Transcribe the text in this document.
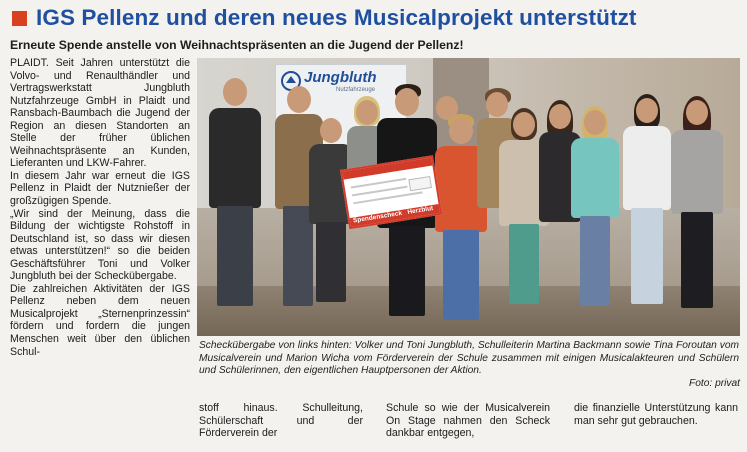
IGS Pellenz und deren neues Musicalprojekt unterstützt

Erneute Spende anstelle von Weihnachtspräsenten an die Jugend der Pellenz!

PLAIDT. Seit Jahren unterstützt die Volvo- und Renaulthändler und Vertragswerkstatt Jungbluth Nutzfahrzeuge GmbH in Plaidt und Ransbach-Baumbach die Jugend der Region an diesen Standorten an Stelle der früher üblichen Weihnachtspräsente an Kunden, Lieferanten und LKW-Fahrer.

In diesem Jahr war erneut die IGS Pellenz in Plaidt der Nutznießer der großzügigen Spende.

„Wir sind der Meinung, dass die Bildung der wichtigste Rohstoff in Deutschland ist, so dass wir diesen etwas unterstützen!“ so die beiden Geschäftsführer Toni und Volker Jungbluth bei der Scheckübergabe.

Die zahlreichen Aktivitäten der IGS Pellenz neben dem neuen Musicalprojekt „Sternenprinzessin“ fördern und fordern die jungen Menschen weit über den üblichen Schul-

Jungbluth
Nutzfahrzeuge
Spendenscheck Herzblut

Scheckübergabe von links hinten: Volker und Toni Jungbluth, Schulleiterin Martina Backmann sowie Tina Foroutan vom Musicalverein und Marion Wicha vom Förderverein der Schule zusammen mit einigen Musicalakteuren und Schülern und Schülerinnen, den eigentlichen Hauptpersonen der Aktion.

Foto: privat

stoff hinaus. Schulleitung, Schülerschaft und der Förderverein der

Schule so wie der Musicalverein On Stage nahmen den Scheck dankbar entgegen,

die finanzielle Unterstützung kann man sehr gut gebrauchen.
